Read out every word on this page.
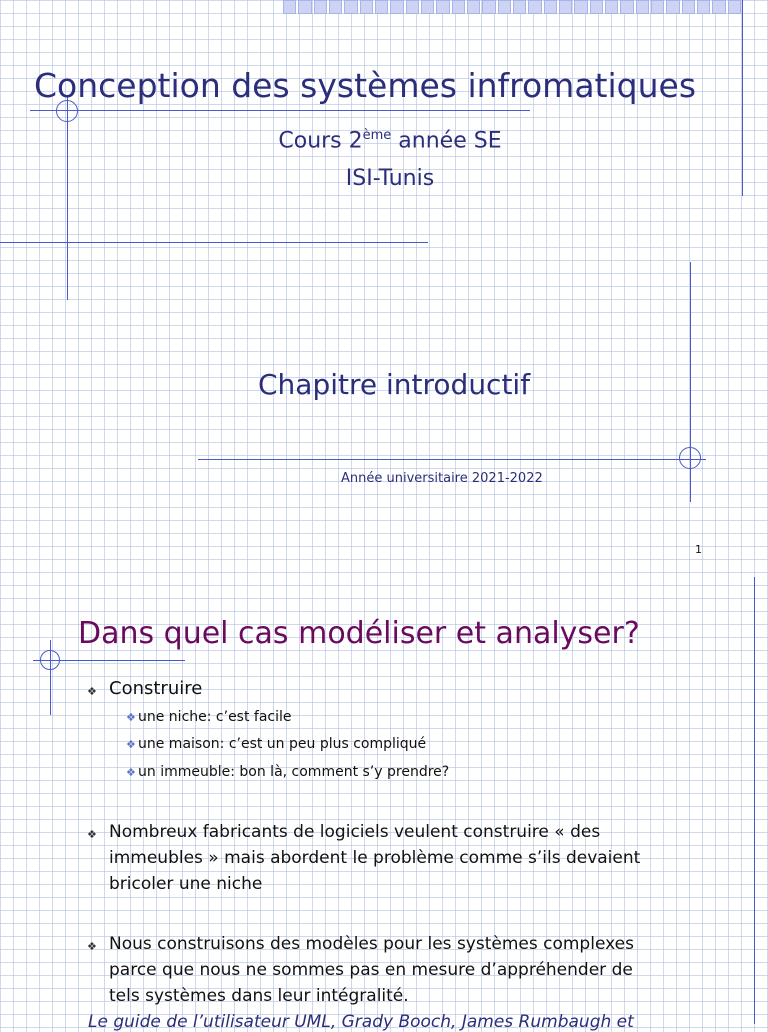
Conception des systèmes infromatiques
Cours 2ème année SE
ISI-Tunis
Chapitre introductif
Année universitaire 2021-2022
1
Dans quel cas modéliser et analyser?
❖ Construire
❖ une niche: c’est facile
❖ une maison: c’est un peu plus compliqué
❖ un immeuble: bon là, comment s’y prendre?
❖ Nombreux fabricants de logiciels veulent construire « des
immeubles » mais abordent le problème comme s’ils devaient
bricoler une niche
❖ Nous construisons des modèles pour les systèmes complexes
parce que nous ne sommes pas en mesure d’appréhender de
tels systèmes dans leur intégralité.
Le guide de l’utilisateur UML, Grady Booch, James Rumbaugh et
